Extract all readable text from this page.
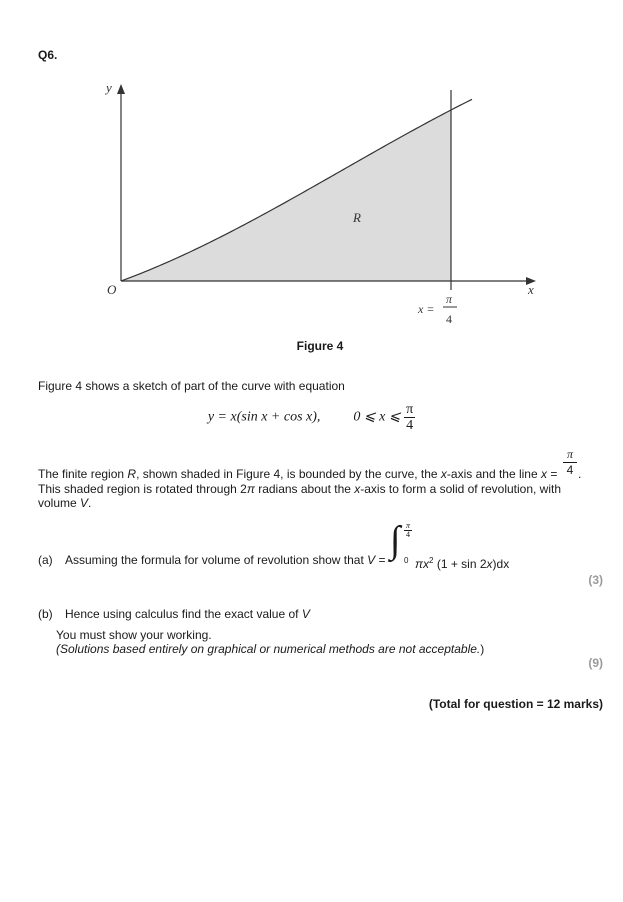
Q6.
y
x
O
R
x =
π
4
Figure 4
Figure 4 shows a sketch of part of the curve with equation
y = x(sin x + cos x), 0 ⩽ x ⩽ $\frac{\pi}{4}$
The finite region R, shown shaded in Figure 4, is bounded by the curve, the x-axis and the line x =
π
4 .
This shaded region is rotated through 2π radians about the x-axis to form a solid of revolution, with
volume V.
(a) Assuming the formula for volume of revolution show that V = ∫ π
4
0 $\pi x^2$ (1 + sin 2x)dx
(3)
(b) Hence using calculus find the exact value of V
You must show your working.
(Solutions based entirely on graphical or numerical methods are not acceptable.)
(9)
(Total for question = 12 marks)
